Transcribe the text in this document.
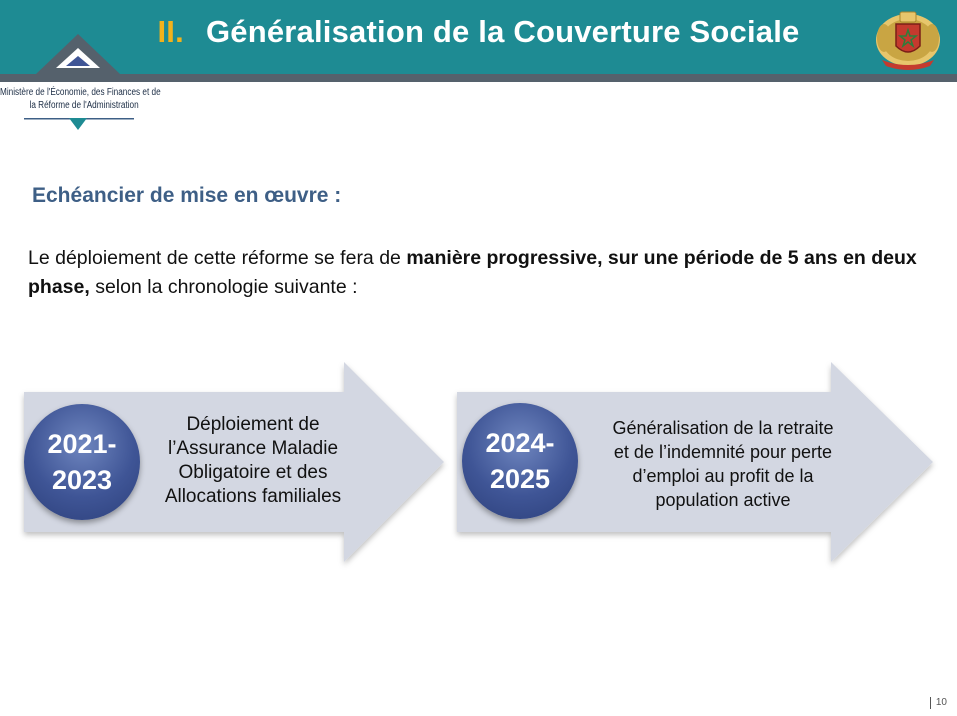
II. Généralisation de la Couverture Sociale
Ministère de l'Économie, des Finances et de
la Réforme de l'Administration
Echéancier de mise en œuvre :
Le déploiement de cette réforme se fera de manière progressive, sur une période de 5 ans en deux phase, selon la chronologie suivante :
2021-
2023
Déploiement de
l’Assurance Maladie
Obligatoire et des
Allocations familiales
2024-
2025
Généralisation de la retraite
et de l’indemnité pour perte
d’emploi au profit de la
population active
10
